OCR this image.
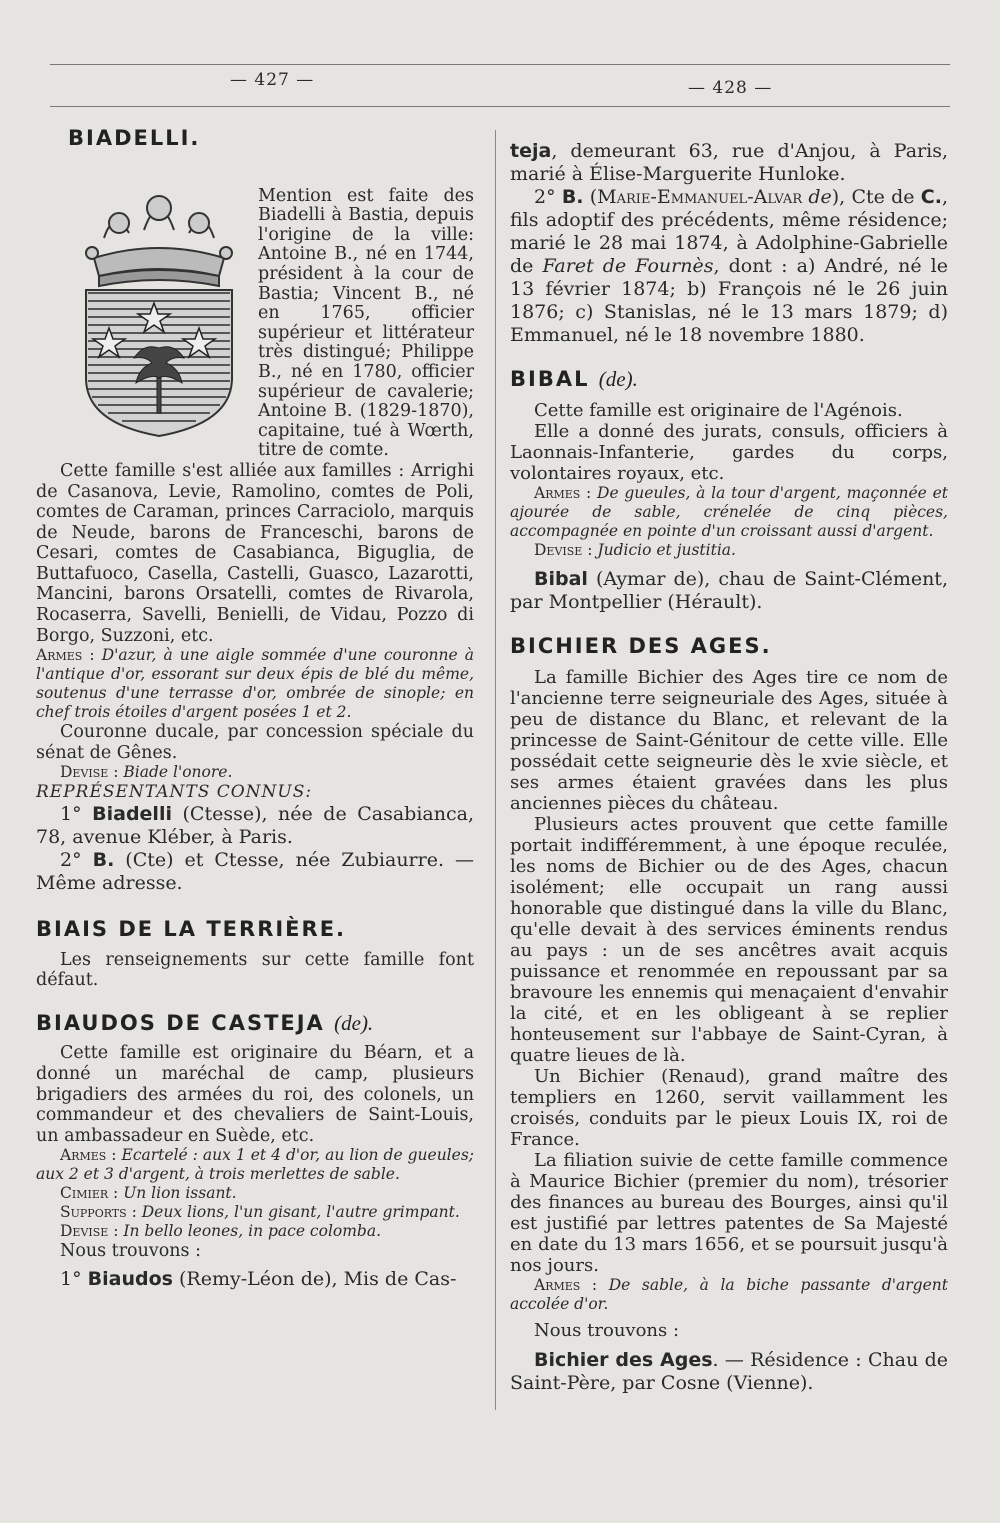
— 427 —	— 428 —
BIADELLI.

Mention est faite des Biadelli à Bastia, depuis l'origine de la ville: Antoine B., né en 1744, président à la cour de Bastia; Vincent B., né en 1765, officier supérieur et littérateur très distingué; Philippe B., né en 1780, officier supérieur de cavalerie; Antoine B. (1829-1870), capitaine, tué à Wœrth, titre de comte.

Cette famille s'est alliée aux familles : Arrighi de Casanova, Levie, Ramolino, comtes de Poli, comtes de Caraman, princes Carraciolo, marquis de Neude, barons de Franceschi, barons de Cesari, comtes de Casabianca, Biguglia, de Buttafuoco, Casella, Castelli, Guasco, Lazarotti, Mancini, barons Orsatelli, comtes de Rivarola, Rocaserra, Savelli, Benielli, de Vidau, Pozzo di Borgo, Suzzoni, etc.

Armes : D'azur, à une aigle sommée d'une couronne à l'antique d'or, essorant sur deux épis de blé du même, soutenus d'une terrasse d'or, ombrée de sinople; en chef trois étoiles d'argent posées 1 et 2.

Couronne ducale, par concession spéciale du sénat de Gênes.

Devise : Biade l'onore.

REPRÉSENTANTS CONNUS:

1° Biadelli (Ctesse), née de Casabianca, 78, avenue Kléber, à Paris.

2° B. (Cte) et Ctesse, née Zubiaurre. — Même adresse.

BIAIS DE LA TERRIÈRE.

Les renseignements sur cette famille font défaut.

BIAUDOS DE CASTEJA (de).

Cette famille est originaire du Béarn, et a donné un maréchal de camp, plusieurs brigadiers des armées du roi, des colonels, un commandeur et des chevaliers de Saint-Louis, un ambassadeur en Suède, etc.

Armes : Ecartelé : aux 1 et 4 d'or, au lion de gueules; aux 2 et 3 d'argent, à trois merlettes de sable.

Cimier : Un lion issant.

Supports : Deux lions, l'un gisant, l'autre grimpant.

Devise : In bello leones, in pace colomba.

Nous trouvons :

1° Biaudos (Remy-Léon de), Mis de Cas-

teja, demeurant 63, rue d'Anjou, à Paris, marié à Élise-Marguerite Hunloke.

2° B. (Marie-Emmanuel-Alvar de), Cte de C., fils adoptif des précédents, même résidence; marié le 28 mai 1874, à Adolphine-Gabrielle de Faret de Fournès, dont : a) André, né le 13 février 1874; b) François né le 26 juin 1876; c) Stanislas, né le 13 mars 1879; d) Emmanuel, né le 18 novembre 1880.

BIBAL (de).

Cette famille est originaire de l'Agénois.

Elle a donné des jurats, consuls, officiers à Laonnais-Infanterie, gardes du corps, volontaires royaux, etc.

Armes : De gueules, à la tour d'argent, maçonnée et ajourée de sable, crénelée de cinq pièces, accompagnée en pointe d'un croissant aussi d'argent.

Devise : Judicio et justitia.

Bibal (Aymar de), chau de Saint-Clément, par Montpellier (Hérault).

BICHIER DES AGES.

La famille Bichier des Ages tire ce nom de l'ancienne terre seigneuriale des Ages, située à peu de distance du Blanc, et relevant de la princesse de Saint-Génitour de cette ville. Elle possédait cette seigneurie dès le xvie siècle, et ses armes étaient gravées dans les plus anciennes pièces du château.

Plusieurs actes prouvent que cette famille portait indifféremment, à une époque reculée, les noms de Bichier ou de des Ages, chacun isolément; elle occupait un rang aussi honorable que distingué dans la ville du Blanc, qu'elle devait à des services éminents rendus au pays : un de ses ancêtres avait acquis puissance et renommée en repoussant par sa bravoure les ennemis qui menaçaient d'envahir la cité, et en les obligeant à se replier honteusement sur l'abbaye de Saint-Cyran, à quatre lieues de là.

Un Bichier (Renaud), grand maître des templiers en 1260, servit vaillamment les croisés, conduits par le pieux Louis IX, roi de France.

La filiation suivie de cette famille commence à Maurice Bichier (premier du nom), trésorier des finances au bureau des Bourges, ainsi qu'il est justifié par lettres patentes de Sa Majesté en date du 13 mars 1656, et se poursuit jusqu'à nos jours.

Armes : De sable, à la biche passante d'argent accolée d'or.

Nous trouvons :

Bichier des Ages. — Résidence : Chau de Saint-Père, par Cosne (Vienne).
